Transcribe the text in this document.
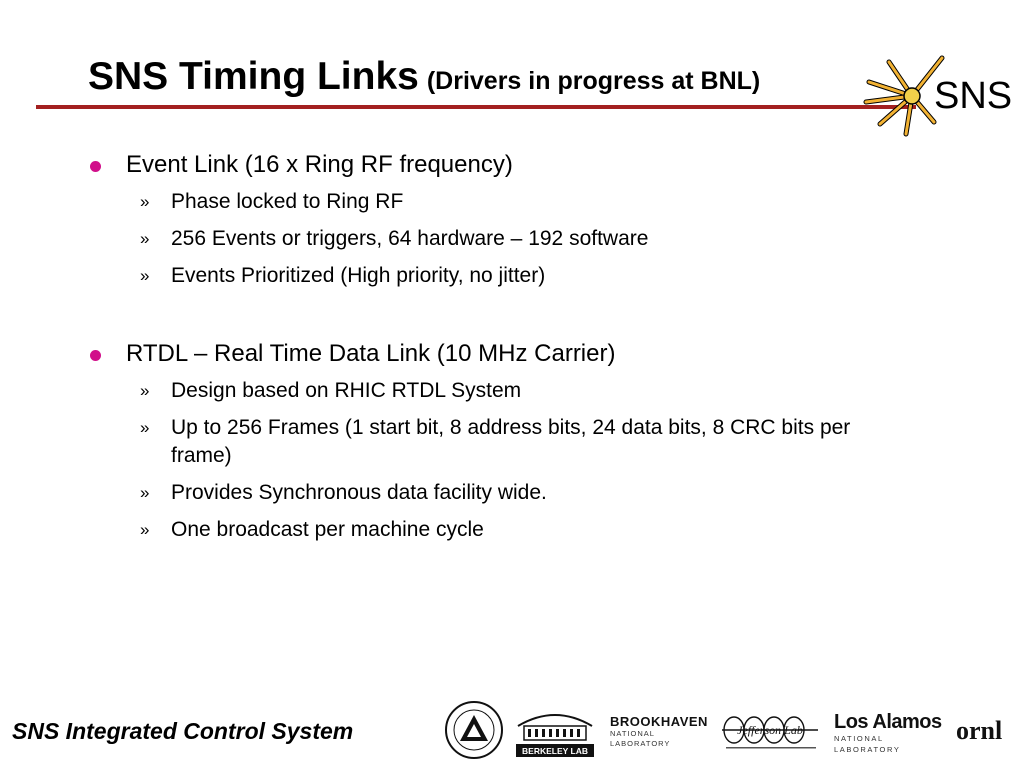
SNS Timing Links (Drivers in progress at BNL)	SNS
Event Link (16 x Ring RF frequency)
» Phase locked to Ring RF
» 256 Events or triggers, 64 hardware – 192 software
» Events Prioritized (High priority, no jitter)
RTDL – Real Time Data Link (10 MHz Carrier)
» Design based on RHIC RTDL System
» Up to 256 Frames (1 start bit, 8 address bits, 24 data bits, 8 CRC bits per frame)
» Provides Synchronous data facility wide.
» One broadcast per machine cycle
SNS Integrated Control System
BERKELEY LAB
BROOKHAVEN
NATIONAL LABORATORY
Jefferson Lab Los Alamos
NATIONAL LABORATORY
ornl
